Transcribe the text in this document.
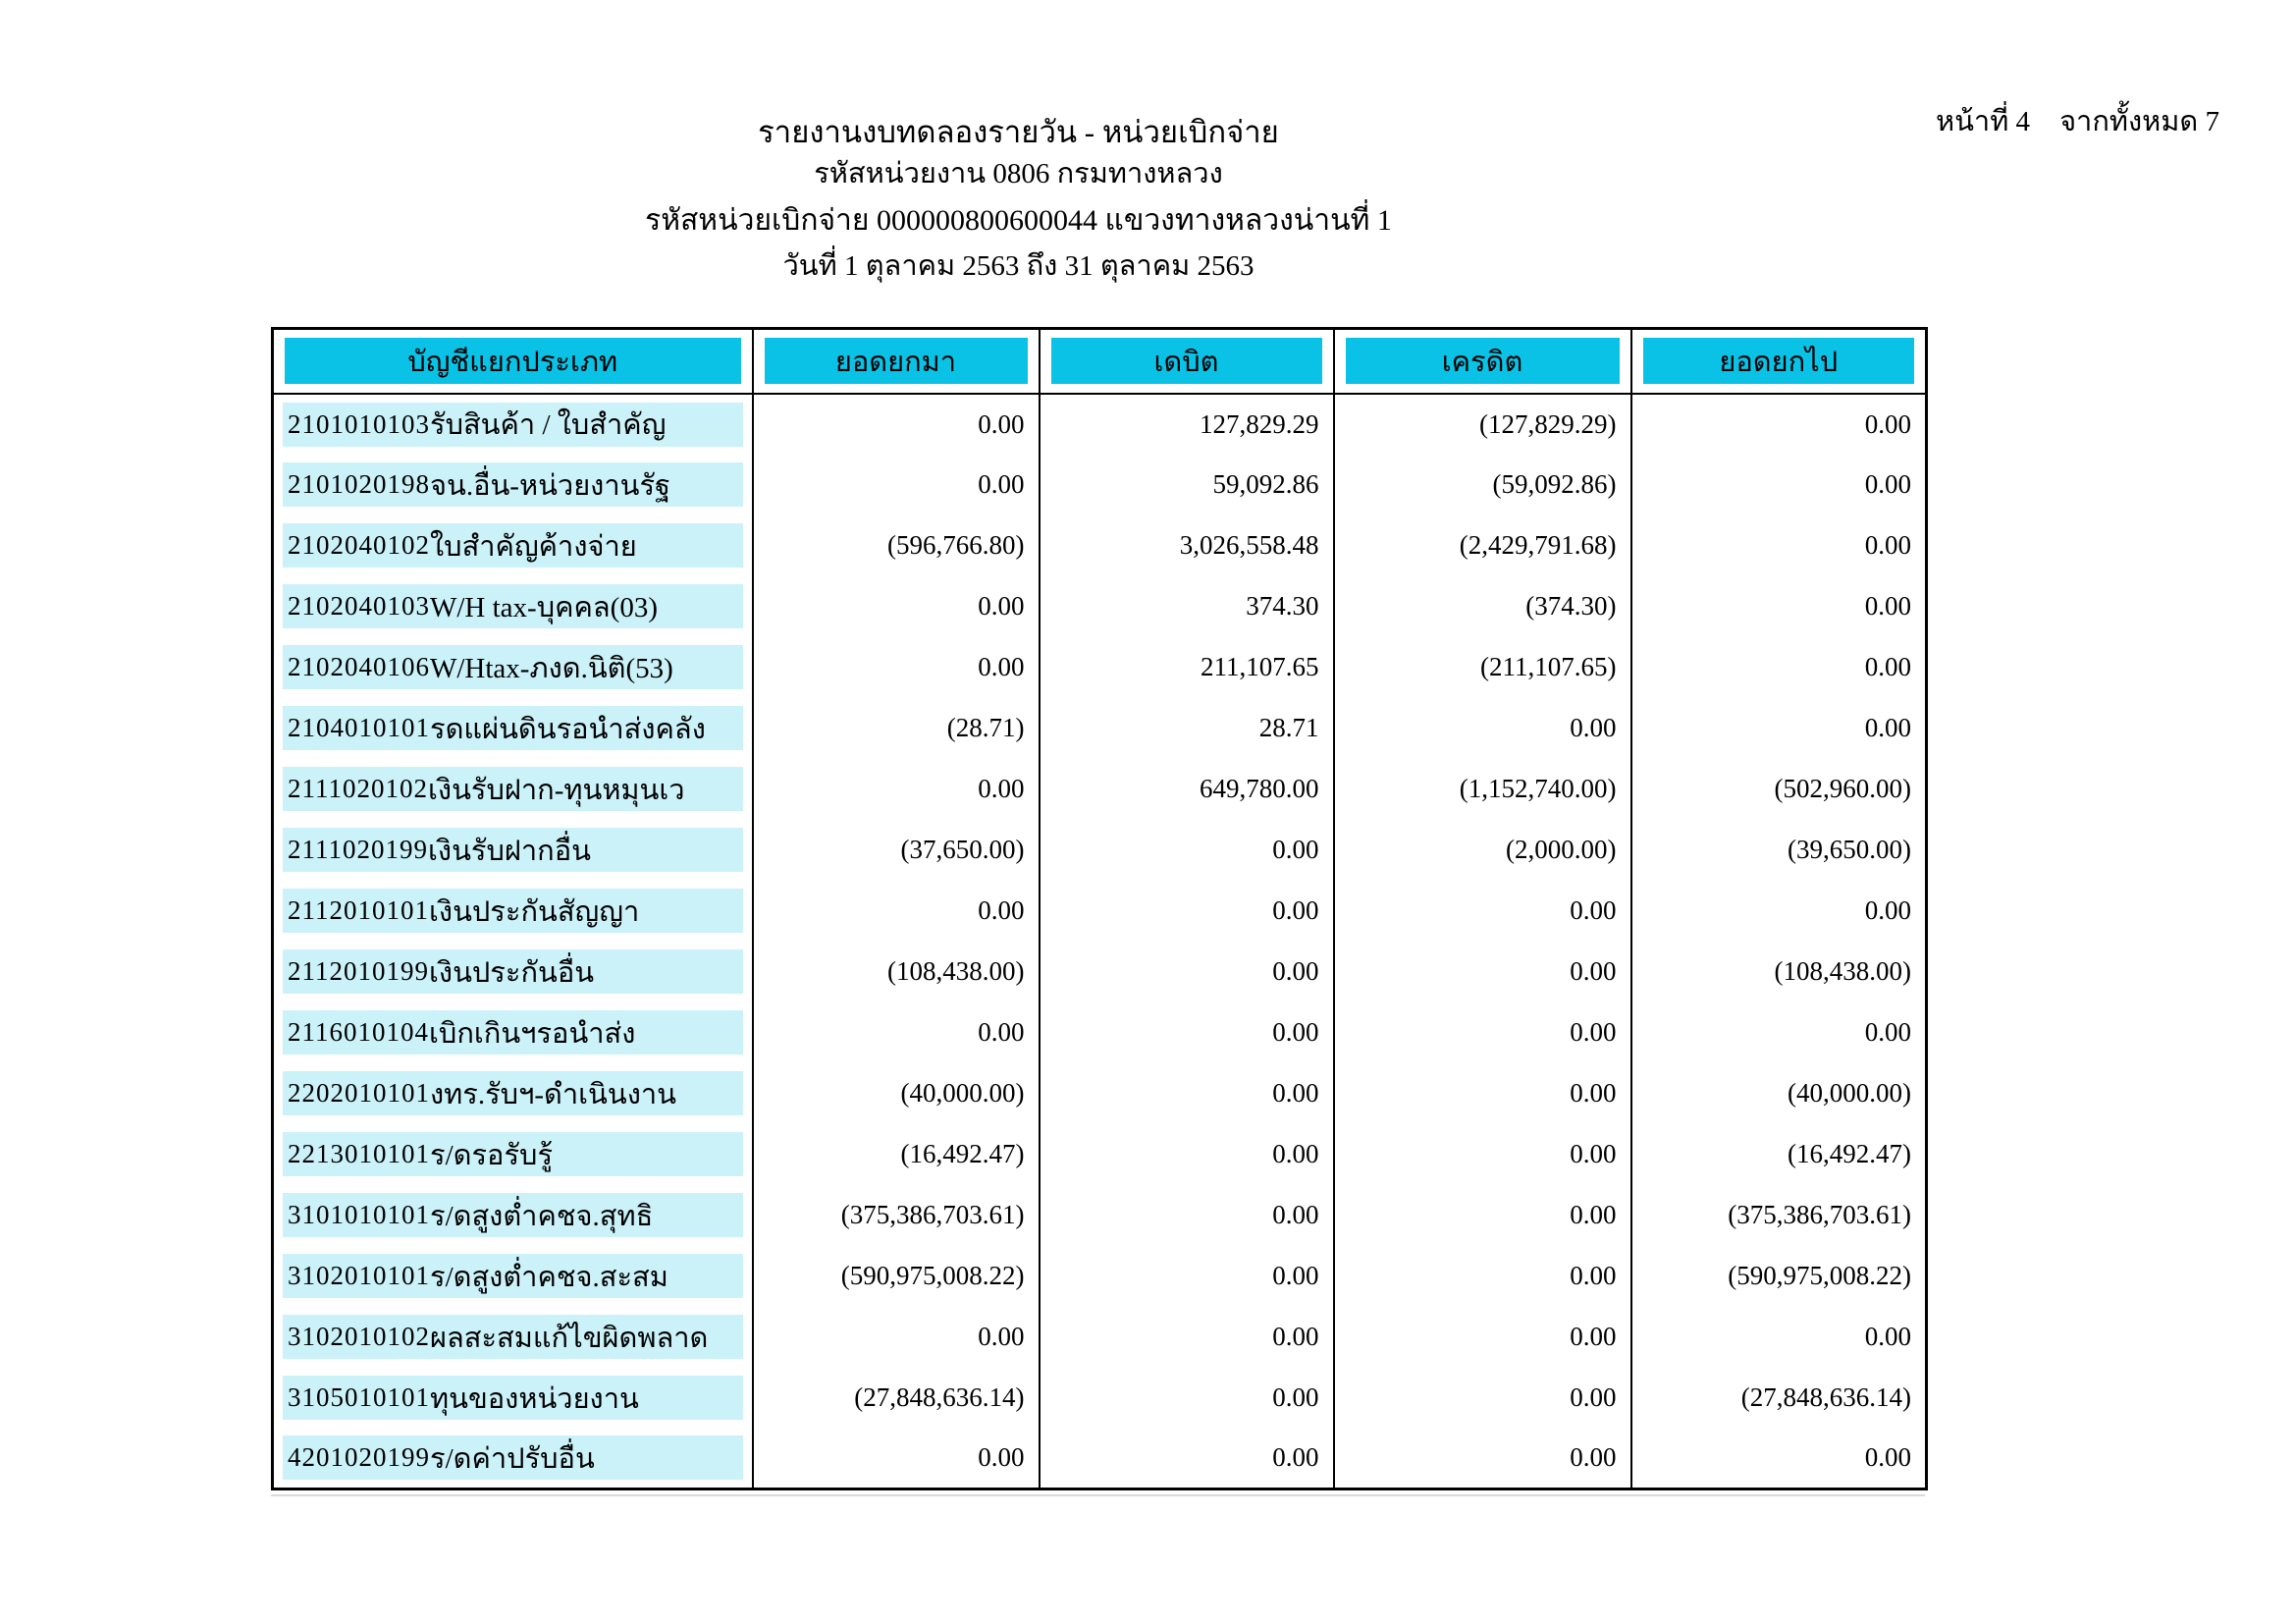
หน้าที่ 4 จากทั้งหมด 7
รายงานงบทดลองรายวัน - หน่วยเบิกจ่าย
รหัสหน่วยงาน 0806 กรมทางหลวง
รหัสหน่วยเบิกจ่าย 000000800600044 แขวงทางหลวงน่านที่ 1
วันที่ 1 ตุลาคม 2563 ถึง 31 ตุลาคม 2563
บัญชีแยกประเภท	ยอดยกมา	เดบิต	เครดิต	ยอดยกไป

2101010103 รับสินค้า / ใบสำคัญ	0.00	127,829.29	(127,829.29)	0.00

2101020198 จน.อื่น-หน่วยงานรัฐ	0.00	59,092.86	(59,092.86)	0.00

2102040102 ใบสำคัญค้างจ่าย	(596,766.80)	3,026,558.48	(2,429,791.68)	0.00

2102040103 W/H tax-บุคคล(03)	0.00	374.30	(374.30)	0.00

2102040106 W/Htax-ภงด.นิติ(53)	0.00	211,107.65	(211,107.65)	0.00

2104010101 รดแผ่นดินรอนำส่งคลัง	(28.71)	28.71	0.00	0.00

2111020102 เงินรับฝาก-ทุนหมุนเว	0.00	649,780.00	(1,152,740.00)	(502,960.00)

2111020199 เงินรับฝากอื่น	(37,650.00)	0.00	(2,000.00)	(39,650.00)

2112010101 เงินประกันสัญญา	0.00	0.00	0.00	0.00

2112010199 เงินประกันอื่น	(108,438.00)	0.00	0.00	(108,438.00)

2116010104 เบิกเกินฯรอนำส่ง	0.00	0.00	0.00	0.00

2202010101 งทร.รับฯ-ดำเนินงาน	(40,000.00)	0.00	0.00	(40,000.00)

2213010101 ร/ดรอรับรู้	(16,492.47)	0.00	0.00	(16,492.47)

3101010101 ร/ดสูงต่ำคชจ.สุทธิ	(375,386,703.61)	0.00	0.00	(375,386,703.61)

3102010101 ร/ดสูงต่ำคชจ.สะสม	(590,975,008.22)	0.00	0.00	(590,975,008.22)

3102010102 ผลสะสมแก้ไขผิดพลาด	0.00	0.00	0.00	0.00

3105010101 ทุนของหน่วยงาน	(27,848,636.14)	0.00	0.00	(27,848,636.14)

4201020199 ร/ดค่าปรับอื่น	0.00	0.00	0.00	0.00
